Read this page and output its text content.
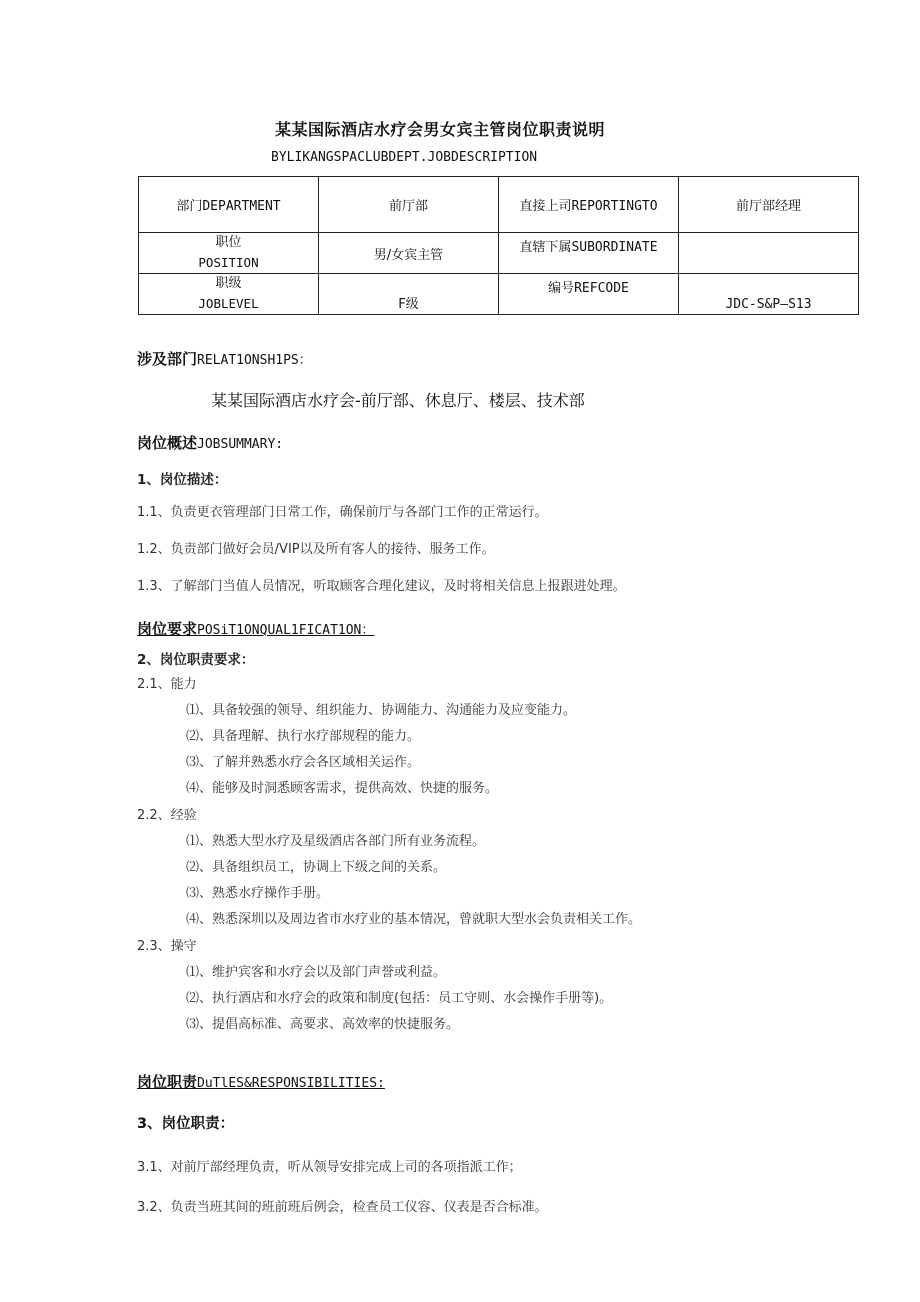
某某国际酒店水疗会男女宾主管岗位职责说明
BYLIKANGSPACLUBDEPT.JOBDESCRIPTION
部门DEPARTMENT	前厅部	直接上司REPORTINGTO	前厅部经理

职位
POSITION	男/女宾主管	直辖下属SUBORDINATE	

职级
JOBLEVEL	F级	编号REFCODE	JDC-S&P—S13
涉及部门RELAT1ONSH1PS：
某某国际酒店水疗会-前厅部、休息厅、楼层、技术部
岗位概述JOBSUMMARY:
1、岗位描述：
1.1、负责更衣管理部门日常工作，确保前厅与各部门工作的正常运行。
1.2、负责部门做好会员/VIP以及所有客人的接待、服务工作。
1.3、了解部门当值人员情况，听取顾客合理化建议，及时将相关信息上报跟进处理。
岗位要求POSiT1ONQUAL1FICAT1ON：
2、岗位职责要求：
2.1、能力
⑴、具备较强的领导、组织能力、协调能力、沟通能力及应变能力。
⑵、具备理解、执行水疗部规程的能力。
⑶、了解并熟悉水疗会各区域相关运作。
⑷、能够及时洞悉顾客需求，提供高效、快捷的服务。
2.2、经验
⑴、熟悉大型水疗及星级酒店各部门所有业务流程。
⑵、具备组织员工，协调上下级之间的关系。
⑶、熟悉水疗操作手册。
⑷、熟悉深圳以及周边省市水疗业的基本情况，曾就职大型水会负责相关工作。
2.3、操守
⑴、维护宾客和水疗会以及部门声誉或利益。
⑵、执行酒店和水疗会的政策和制度(包括：员工守则、水会操作手册等)。
⑶、提倡高标准、高要求、高效率的快捷服务。
岗位职责DuTlES&RESPONSIBILITIES:
3、岗位职责：
3.1、对前厅部经理负责，听从领导安排完成上司的各项指派工作；
3.2、负责当班其间的班前班后例会，检查员工仪容、仪表是否合标准。
